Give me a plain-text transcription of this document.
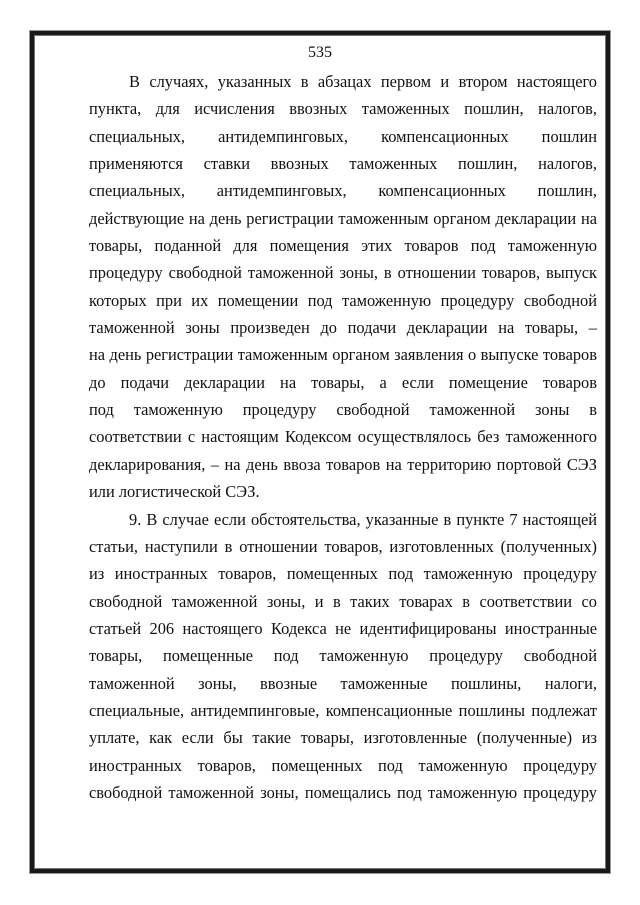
535
В случаях, указанных в абзацах первом и втором настоящего
пункта, для исчисления ввозных таможенных пошлин, налогов,
специальных, антидемпинговых, компенсационных пошлин
применяются ставки ввозных таможенных пошлин, налогов,
специальных, антидемпинговых, компенсационных пошлин,
действующие на день регистрации таможенным органом декларации на
товары, поданной для помещения этих товаров под таможенную
процедуру свободной таможенной зоны, в отношении товаров, выпуск
которых при их помещении под таможенную процедуру свободной
таможенной зоны произведен до подачи декларации на товары, –
на день регистрации таможенным органом заявления о выпуске товаров
до подачи декларации на товары, а если помещение товаров
под таможенную процедуру свободной таможенной зоны в
соответствии с настоящим Кодексом осуществлялось без таможенного
декларирования, – на день ввоза товаров на территорию портовой СЭЗ
или логистической СЭЗ.
9. В случае если обстоятельства, указанные в пункте 7 настоящей
статьи, наступили в отношении товаров, изготовленных (полученных)
из иностранных товаров, помещенных под таможенную процедуру
свободной таможенной зоны, и в таких товарах в соответствии со
статьей 206 настоящего Кодекса не идентифицированы иностранные
товары, помещенные под таможенную процедуру свободной
таможенной зоны, ввозные таможенные пошлины, налоги,
специальные, антидемпинговые, компенсационные пошлины подлежат
уплате, как если бы такие товары, изготовленные (полученные) из
иностранных товаров, помещенных под таможенную процедуру
свободной таможенной зоны, помещались под таможенную процедуру
